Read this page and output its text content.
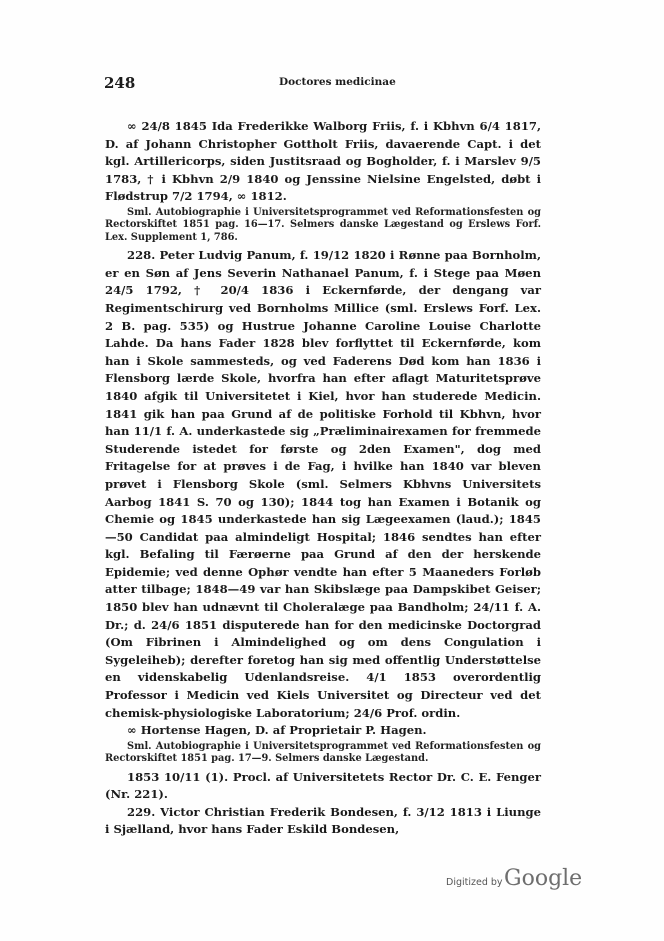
248	Doctores medicinae

∞ 24/8 1845 Ida Frederikke Walborg Friis, f. i Kbhvn 6/4 1817, D. af Johann Christopher Gottholt Friis, davaerende Capt. i det kgl. Artillericorps, siden Justitsraad og Bogholder, f. i Marslev 9/5 1783, † i Kbhvn 2/9 1840 og Jenssine Nielsine Engelsted, døbt i Flødstrup 7/2 1794, ∞ 1812.

Sml. Autobiographie i Universitetsprogrammet ved Reformationsfesten og Rectorskiftet 1851 pag. 16—17. Selmers danske Lægestand og Erslews Forf. Lex. Supplement 1, 786.

228. Peter Ludvig Panum, f. 19/12 1820 i Rønne paa Bornholm, er en Søn af Jens Severin Nathanael Panum, f. i Stege paa Møen 24/5 1792, † 20/4 1836 i Eckernførde, der dengang var Regimentschirurg ved Bornholms Millice (sml. Erslews Forf. Lex. 2 B. pag. 535) og Hustrue Johanne Caroline Louise Charlotte Lahde. Da hans Fader 1828 blev forflyttet til Eckernførde, kom han i Skole sammesteds, og ved Faderens Død kom han 1836 i Flensborg lærde Skole, hvorfra han efter aflagt Maturitetsprøve 1840 afgik til Universitetet i Kiel, hvor han studerede Medicin. 1841 gik han paa Grund af de politiske Forhold til Kbhvn, hvor han 11/1 f. A. underkastede sig „Præliminairexamen for fremmede Studerende istedet for første og 2den Examen", dog med Fritagelse for at prøves i de Fag, i hvilke han 1840 var bleven prøvet i Flensborg Skole (sml. Selmers Kbhvns Universitets Aarbog 1841 S. 70 og 130); 1844 tog han Examen i Botanik og Chemie og 1845 underkastede han sig Lægeexamen (laud.); 1845—50 Candidat paa almindeligt Hospital; 1846 sendtes han efter kgl. Befaling til Færøerne paa Grund af den der herskende Epidemie; ved denne Ophør vendte han efter 5 Maaneders Forløb atter tilbage; 1848—49 var han Skibslæge paa Dampskibet Geiser; 1850 blev han udnævnt til Choleralæge paa Bandholm; 24/11 f. A. Dr.; d. 24/6 1851 disputerede han for den medicinske Doctorgrad (Om Fibrinen i Almindelighed og om dens Congulation i Sygeleiheb); derefter foretog han sig med offentlig Understøttelse en videnskabelig Udenlandsreise. 4/1 1853 overordentlig Professor i Medicin ved Kiels Universitet og Directeur ved det chemisk-physiologiske Laboratorium; 24/6 Prof. ordin.

∞ Hortense Hagen, D. af Proprietair P. Hagen.

Sml. Autobiographie i Universitetsprogrammet ved Reformationsfesten og Rectorskiftet 1851 pag. 17—9. Selmers danske Lægestand.

1853 10/11 (1). Procl. af Universitetets Rector Dr. C. E. Fenger (Nr. 221).

229. Victor Christian Frederik Bondesen, f. 3/12 1813 i Liunge i Sjælland, hvor hans Fader Eskild Bondesen,

Digitized by Google
